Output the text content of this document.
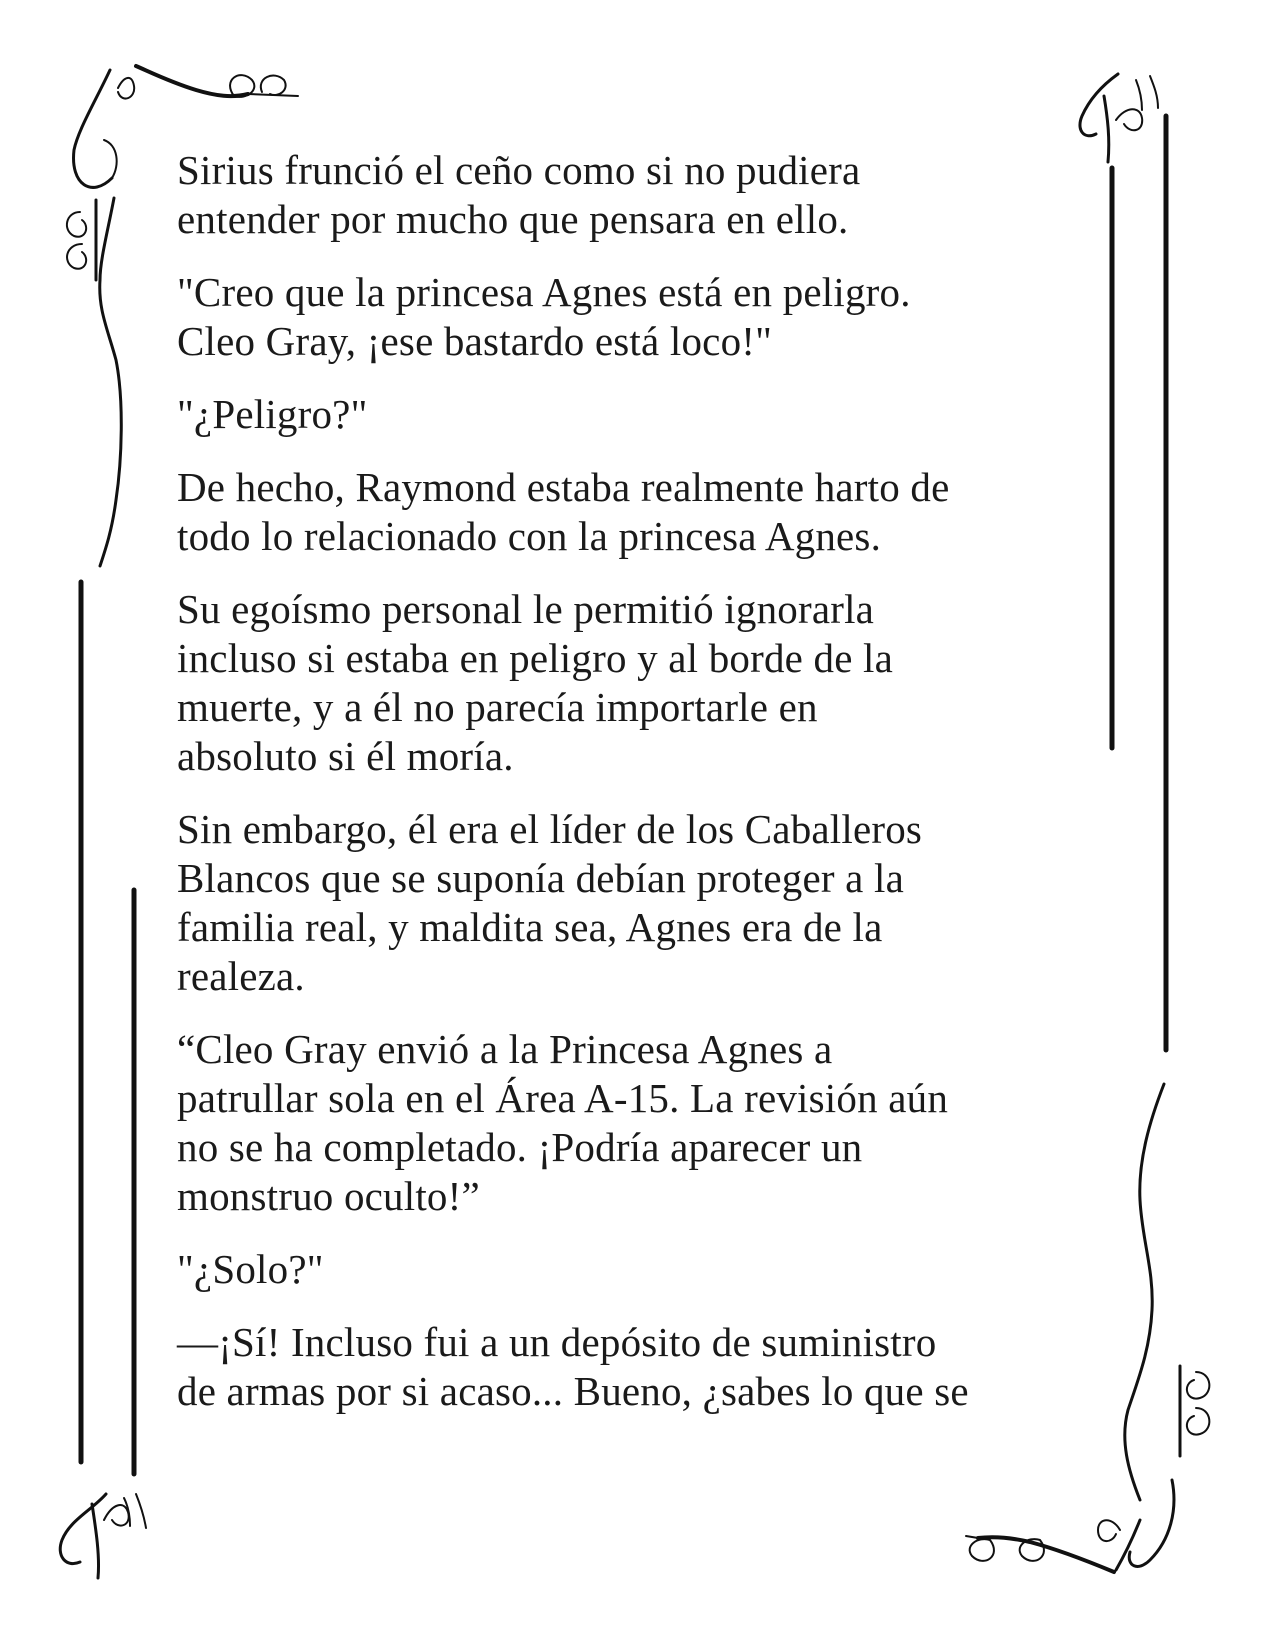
Sirius frunció el ceño como si no pudiera
entender por mucho que pensara en ello.

"Creo que la princesa Agnes está en peligro.
Cleo Gray, ¡ese bastardo está loco!"

"¿Peligro?"

De hecho, Raymond estaba realmente harto de
todo lo relacionado con la princesa Agnes.

Su egoísmo personal le permitió ignorarla
incluso si estaba en peligro y al borde de la
muerte, y a él no parecía importarle en
absoluto si él moría.

Sin embargo, él era el líder de los Caballeros
Blancos que se suponía debían proteger a la
familia real, y maldita sea, Agnes era de la
realeza.

“Cleo Gray envió a la Princesa Agnes a
patrullar sola en el Área A-15. La revisión aún
no se ha completado. ¡Podría aparecer un
monstruo oculto!”

"¿Solo?"

—¡Sí! Incluso fui a un depósito de suministro
de armas por si acaso... Bueno, ¿sabes lo que se
